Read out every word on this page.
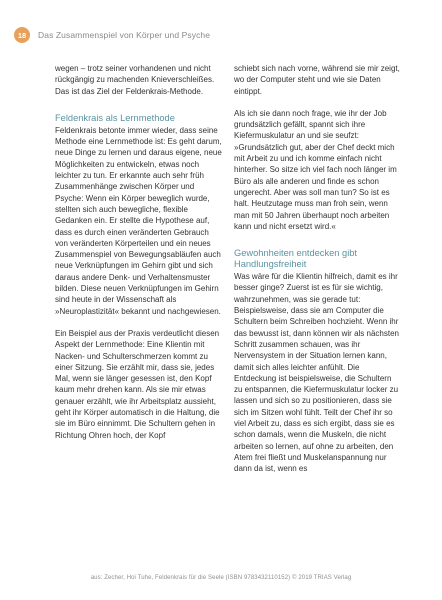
18	Das Zusammenspiel von Körper und Psyche

wegen – trotz seiner vorhandenen und nicht rückgängig zu machenden Knieverschleißes. Das ist das Ziel der Feldenkrais-Methode.

Feldenkrais als Lernmethode

Feldenkrais betonte immer wieder, dass seine Methode eine Lernmethode ist: Es geht darum, neue Dinge zu lernen und daraus eigene, neue Möglichkeiten zu entwickeln, etwas noch leichter zu tun. Er erkannte auch sehr früh Zusammenhänge zwischen Körper und Psyche: Wenn ein Körper beweglich wurde, stellten sich auch bewegliche, flexible Gedanken ein. Er stellte die Hypothese auf, dass es durch einen veränderten Gebrauch von veränderten Körperteilen und ein neues Zusammenspiel von Bewegungsabläufen auch neue Verknüpfungen im Gehirn gibt und sich daraus andere Denk- und Verhaltensmuster bilden. Diese neuen Verknüpfungen im Gehirn sind heute in der Wissenschaft als »Neuroplastizität« bekannt und nachgewiesen.

Ein Beispiel aus der Praxis verdeutlicht diesen Aspekt der Lernmethode: Eine Klientin mit Nacken- und Schulterschmerzen kommt zu einer Sitzung. Sie erzählt mir, dass sie, jedes Mal, wenn sie länger gesessen ist, den Kopf kaum mehr drehen kann. Als sie mir etwas genauer erzählt, wie ihr Arbeitsplatz aussieht, geht ihr Körper automatisch in die Haltung, die sie im Büro einnimmt. Die Schultern gehen in Richtung Ohren hoch, der Kopf

schiebt sich nach vorne, während sie mir zeigt, wo der Computer steht und wie sie Daten eintippt.

Als ich sie dann noch frage, wie ihr der Job grundsätzlich gefällt, spannt sich ihre Kiefermuskulatur an und sie seufzt: »Grundsätzlich gut, aber der Chef deckt mich mit Arbeit zu und ich komme einfach nicht hinterher. So sitze ich viel fach noch länger im Büro als alle anderen und finde es schon ungerecht. Aber was soll man tun? So ist es halt. Heutzutage muss man froh sein, wenn man mit 50 Jahren überhaupt noch arbeiten kann und nicht ersetzt wird.«

Gewohnheiten entdecken gibt Handlungsfreiheit

Was wäre für die Klientin hilfreich, damit es ihr besser ginge? Zuerst ist es für sie wichtig, wahrzunehmen, was sie gerade tut: Beispielsweise, dass sie am Computer die Schultern beim Schreiben hochzieht. Wenn ihr das bewusst ist, dann können wir als nächsten Schritt zusammen schauen, was ihr Nervensystem in der Situation lernen kann, damit sich alles leichter anfühlt. Die Entdeckung ist beispielsweise, die Schultern zu entspannen, die Kiefermuskulatur locker zu lassen und sich so zu positionieren, dass sie sich im Sitzen wohl fühlt. Teilt der Chef ihr so viel Arbeit zu, dass es sich ergibt, dass sie es schon damals, wenn die Muskeln, die nicht arbeiten so lernen, auf ohne zu arbeiten, den Atem frei fließt und Muskelanspannung nur dann da ist, wenn es

aus: Zecher, Hoi Tuhe, Feldenkrais für die Seele (ISBN 9783432110152) © 2019 TRIAS Verlag
